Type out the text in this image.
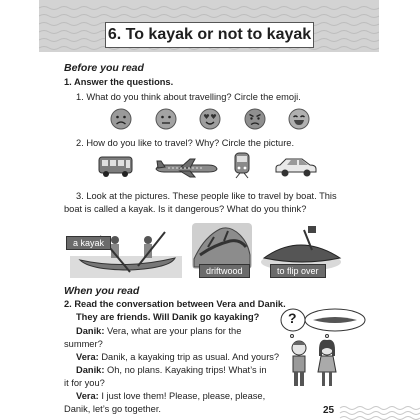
6. To kayak or not to kayak
Before you read
1. Answer the questions.
1. What do you think about travelling? Circle the emoji.
2. How do you like to travel? Why? Circle the picture.
3. Look at the pictures. These people like to travel by boat. This
boat is called a kayak. Is it dangerous? What do you think?
a kayak
driftwood	to flip over
When you read
2. Read the conversation between Vera and Danik.
They are friends. Will Danik go kayaking?
Danik: Vera, what are your plans for the
summer?
Vera: Danik, a kayaking trip as usual. And yours?
Danik: Oh, no plans. Kayaking trips! What’s in
it for you?
Vera: I just love them! Please, please, please,
Danik, let’s go together.
?
25
